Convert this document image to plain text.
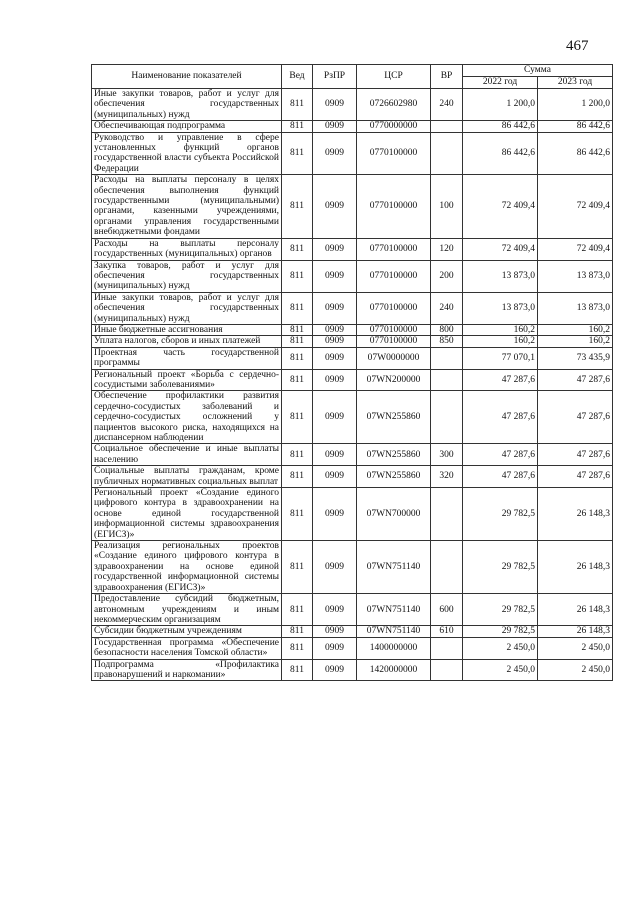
467
Наименование показателей	Вед	РзПР	ЦСР	ВР	Сумма	
					2022 год	2023 год
Иные закупки товаров, работ и услуг для обеспечения государственных (муниципальных) нужд	811	0909	0726602980	240	1 200,0	1 200,0
Обеспечивающая подпрограмма	811	0909	0770000000		86 442,6	86 442,6
Руководство и управление в сфере установленных функций органов государственной власти субъекта Российской Федерации	811	0909	0770100000		86 442,6	86 442,6
Расходы на выплаты персоналу в целях обеспечения выполнения функций государственными (муниципальными) органами, казенными учреждениями, органами управления государственными внебюджетными фондами	811	0909	0770100000	100	72 409,4	72 409,4
Расходы на выплаты персоналу государственных (муниципальных) органов	811	0909	0770100000	120	72 409,4	72 409,4
Закупка товаров, работ и услуг для обеспечения государственных (муниципальных) нужд	811	0909	0770100000	200	13 873,0	13 873,0
Иные закупки товаров, работ и услуг для обеспечения государственных (муниципальных) нужд	811	0909	0770100000	240	13 873,0	13 873,0
Иные бюджетные ассигнования	811	0909	0770100000	800	160,2	160,2
Уплата налогов, сборов и иных платежей	811	0909	0770100000	850	160,2	160,2
Проектная часть государственной программы	811	0909	07W0000000		77 070,1	73 435,9
Региональный проект «Борьба с сердечно-сосудистыми заболеваниями»	811	0909	07WN200000		47 287,6	47 287,6
Обеспечение профилактики развития сердечно-сосудистых заболеваний и сердечно-сосудистых осложнений у пациентов высокого риска, находящихся на диспансерном наблюдении	811	0909	07WN255860		47 287,6	47 287,6
Социальное обеспечение и иные выплаты населению	811	0909	07WN255860	300	47 287,6	47 287,6
Социальные выплаты гражданам, кроме публичных нормативных социальных выплат	811	0909	07WN255860	320	47 287,6	47 287,6
Региональный проект «Создание единого цифрового контура в здравоохранении на основе единой государственной информационной системы здравоохранения (ЕГИСЗ)»	811	0909	07WN700000		29 782,5	26 148,3
Реализация региональных проектов «Создание единого цифрового контура в здравоохранении на основе единой государственной информационной системы здравоохранения (ЕГИСЗ)»	811	0909	07WN751140		29 782,5	26 148,3
Предоставление субсидий бюджетным, автономным учреждениям и иным некоммерческим организациям	811	0909	07WN751140	600	29 782,5	26 148,3
Субсидии бюджетным учреждениям	811	0909	07WN751140	610	29 782,5	26 148,3
Государственная программа «Обеспечение безопасности населения Томской области»	811	0909	1400000000		2 450,0	2 450,0
Подпрограмма «Профилактика правонарушений и наркомании»	811	0909	1420000000		2 450,0	2 450,0
